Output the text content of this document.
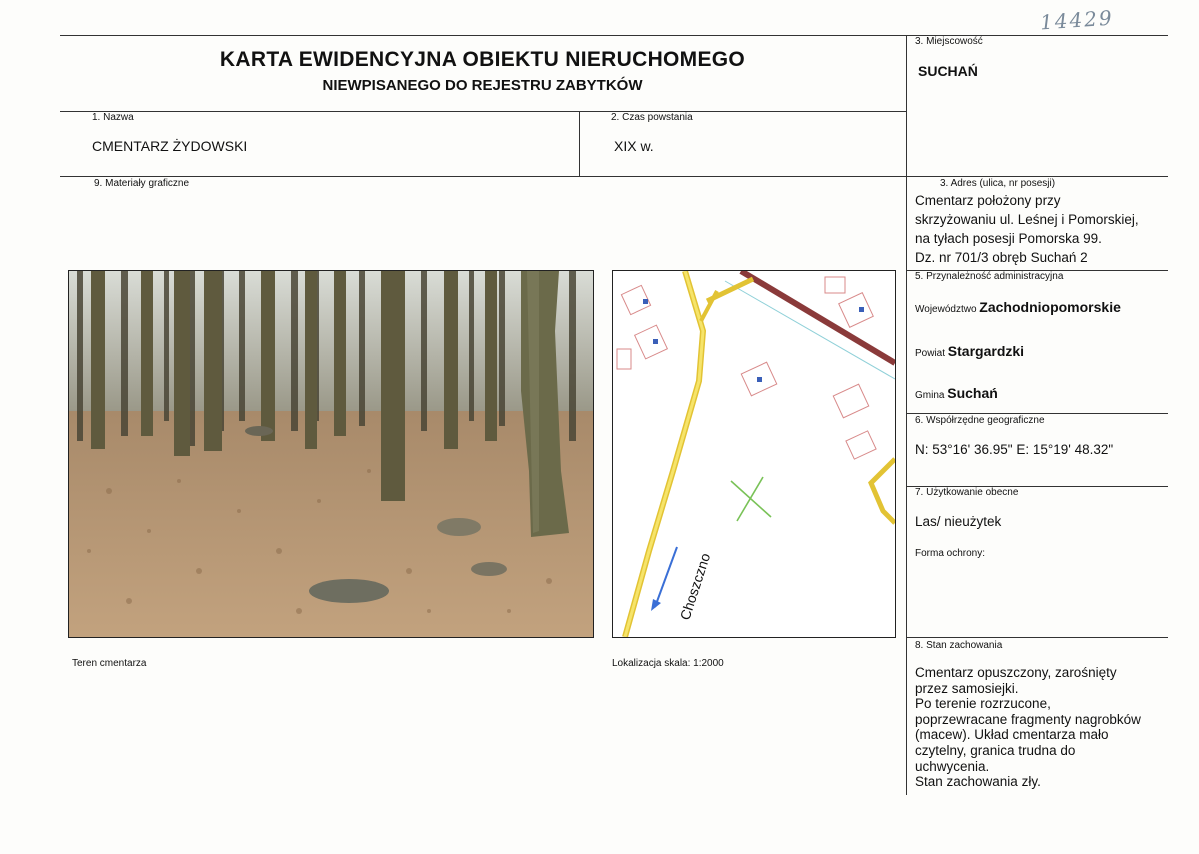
14429
KARTA EWIDENCYJNA OBIEKTU NIERUCHOMEGO
NIEWPISANEGO DO REJESTRU ZABYTKÓW
3. Miejscowość
SUCHAŃ
1. Nazwa
CMENTARZ ŻYDOWSKI
2. Czas powstania
XIX w.
9. Materiały graficzne	3. Adres (ulica, nr posesji)
Cmentarz położony przy
skrzyżowaniu ul. Leśnej i Pomorskiej,
na tyłach posesji Pomorska 99.
Dz. nr 701/3 obręb Suchań 2
5. Przynależność administracyjna
Województwo Zachodniopomorskie
Powiat Stargardzki
Gmina Suchań
6. Współrzędne geograficzne
N: 53°16' 36.95" E: 15°19' 48.32"
7. Użytkowanie obecne
Las/ nieużytek
Forma ochrony:
8. Stan zachowania
Cmentarz opuszczony, zarośnięty
przez samosiejki.
Po terenie rozrzucone,
poprzewracane fragmenty nagrobków
(macew). Układ cmentarza mało
czytelny, granica trudna do
uchwycenia.
Stan zachowania zły.
Teren cmentarza
Choszczno
Lokalizacja skala: 1:2000
